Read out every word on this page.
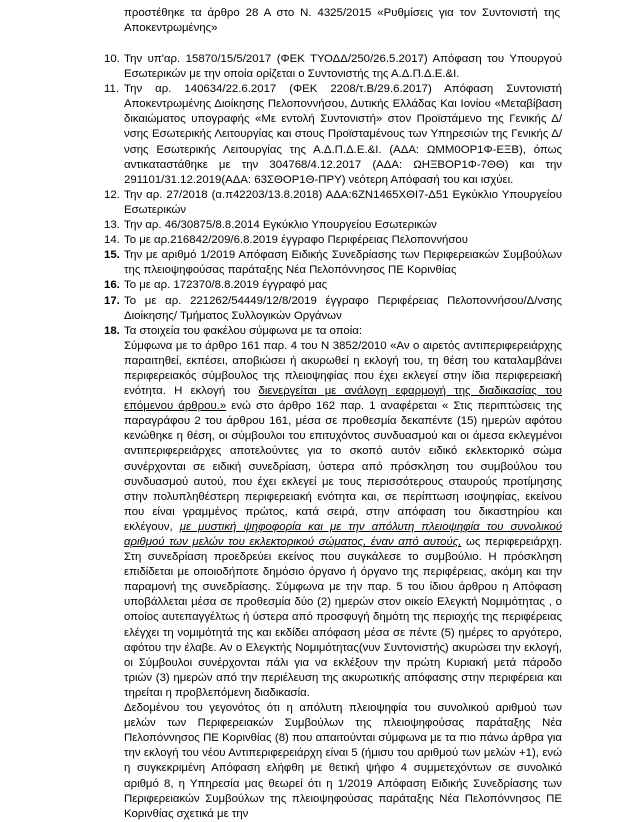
προστέθηκε τα άρθρο 28 Α στο Ν. 4325/2015 «Ρυθμίσεις για τον Συντονιστή της Αποκεντρωμένης»
10. Την υπ'αρ. 15870/15/5/2017 (ΦΕΚ ΤΥΟΔΔ/250/26.5.2017) Απόφαση του Υπουργού Εσωτερικών με την οποία ορίζεται ο Συντονιστής της Α.Δ.Π.Δ.Ε.&Ι.
11. Την αρ. 140634/22.6.2017 (ΦΕΚ 2208/τ.Β/29.6.2017) Απόφαση Συντονιστή Αποκεντρωμένης Διοίκησης Πελοποννήσου, Δυτικής Ελλάδας Και Ιονίου «Μεταβίβαση δικαιώματος υπογραφής «Με εντολή Συντονιστή» στον Προϊστάμενο της Γενικής Δ/νσης Εσωτερικής Λειτουργίας και στους Προϊσταμένους των Υπηρεσιών της Γενικής Δ/νσης Εσωτερικής Λειτουργίας της Α.Δ.Π.Δ.Ε.&Ι. (ΑΔΑ: ΩΜΜ0ΟΡ1Φ-ΕΞΒ), όπως αντικαταστάθηκε με την 304768/4.12.2017 (ΑΔΑ: ΩΗΞΒΟΡ1Φ-7ΘΘ) και την 291101/31.12.2019(ΑΔΑ: 63ΣΘΟΡ1Θ-ΠΡΥ) νεότερη Απόφασή του και ισχύει.
12. Την αρ. 27/2018 (α.π42203/13.8.2018) ΑΔΑ:6ΖΝ1465ΧΘΙ7-Δ51 Εγκύκλιο Υπουργείου Εσωτερικών
13. Την αρ. 46/30875/8.8.2014 Εγκύκλιο Υπουργείου Εσωτερικών
14. Το με αρ.216842/209/6.8.2019 έγγραφο Περιφέρειας Πελοποννήσου
15. Την με αριθμό 1/2019 Απόφαση Ειδικής Συνεδρίασης των Περιφερειακών Συμβούλων της πλειοψηφούσας παράταξης Νέα Πελοπόννησος ΠΕ Κορινθίας
16. Το με αρ. 172370/8.8.2019 έγγραφό μας
17. Το με αρ. 221262/54449/12/8/2019 έγγραφο Περιφέρειας Πελοποννήσου/Δ/νσης Διοίκησης/ Τμήματος Συλλογικών Οργάνων
18. Τα στοιχεία του φακέλου σύμφωνα με τα οποία:
Σύμφωνα με το άρθρο 161 παρ. 4 του Ν 3852/2010 «Αν ο αιρετός αντιπεριφερειάρχης παραιτηθεί, εκπέσει, αποβιώσει ή ακυρωθεί η εκλογή του, τη θέση του καταλαμβάνει περιφερειακός σύμβουλος της πλειοψηφίας που έχει εκλεγεί στην ίδια περιφερειακή ενότητα. Η εκλογή του διενεργείται με ανάλογη εφαρμογή της διαδικασίας του επόμενου άρθρου.» ενώ στο άρθρο 162 παρ. 1 αναφέρεται « Στις περιπτώσεις της παραγράφου 2 του άρθρου 161, μέσα σε προθεσμία δεκαπέντε (15) ημερών αφότου κενώθηκε η θέση, οι σύμβουλοι του επιτυχόντος συνδυασμού και οι άμεσα εκλεγμένοι αντιπεριφερειάρχες αποτελούντες για το σκοπό αυτόν ειδικό εκλεκτορικό σώμα συνέρχονται σε ειδική συνεδρίαση, ύστερα από πρόσκληση του συμβούλου του συνδυασμού αυτού, που έχει εκλεγεί με τους περισσότερους σταυρούς προτίμησης στην πολυπληθέστερη περιφερειακή ενότητα και, σε περίπτωση ισοψηφίας, εκείνου που είναι γραμμένος πρώτος, κατά σειρά, στην απόφαση του δικαστηρίου και εκλέγουν, με μυστική ψηφοφορία και με την απόλυτη πλειοψηφία του συνολικού αριθμού των μελών του εκλεκτορικού σώματος, έναν από αυτούς, ως περιφερειάρχη. Στη συνεδρίαση προεδρεύει εκείνος που συγκάλεσε το συμβούλιο. Η πρόσκληση επιδίδεται με οποιοδήποτε δημόσιο όργανο ή όργανο της περιφέρειας, ακόμη και την παραμονή της συνεδρίασης. Σύμφωνα με την παρ. 5 του ίδιου άρθρου η Απόφαση υποβάλλεται μέσα σε προθεσμία δύο (2) ημερών στον οικείο Ελεγκτή Νομιμότητας , ο οποίος αυτεπαγγέλτως ή ύστερα από προσφυγή δημότη της περιοχής της περιφέρειας ελέγχει τη νομιμότητά της και εκδίδει απόφαση μέσα σε πέντε (5) ημέρες το αργότερο, αφότου την έλαβε. Αν ο Ελεγκτής Νομιμότητας(νυν Συντονιστής) ακυρώσει την εκλογή, οι Σύμβουλοι συνέρχονται πάλι για να εκλέξουν την πρώτη Κυριακή μετά πάροδο τριών (3) ημερών από την περιέλευση της ακυρωτικής απόφασης στην περιφέρεια και τηρείται η προβλεπόμενη διαδικασία.
Δεδομένου του γεγονότος ότι η απόλυτη πλειοψηφία του συνολικού αριθμού των μελών των Περιφερειακών Συμβούλων της πλειοψηφούσας παράταξης Νέα Πελοπόννησος ΠΕ Κορινθίας (8) που απαιτούνται σύμφωνα με τα πιο πάνω άρθρα για την εκλογή του νέου Αντιπεριφερειάρχη είναι 5 (ήμισυ του αριθμού των μελών +1), ενώ η συγκεκριμένη Απόφαση ελήφθη με θετική ψήφο 4 συμμετεχόντων σε συνολικό αριθμό 8, η Υπηρεσία μας θεωρεί ότι η 1/2019 Απόφαση Ειδικής Συνεδρίασης των Περιφερειακών Συμβούλων της πλειοψηφούσας παράταξης Νέα Πελοπόννησος ΠΕ Κορινθίας σχετικά με την
